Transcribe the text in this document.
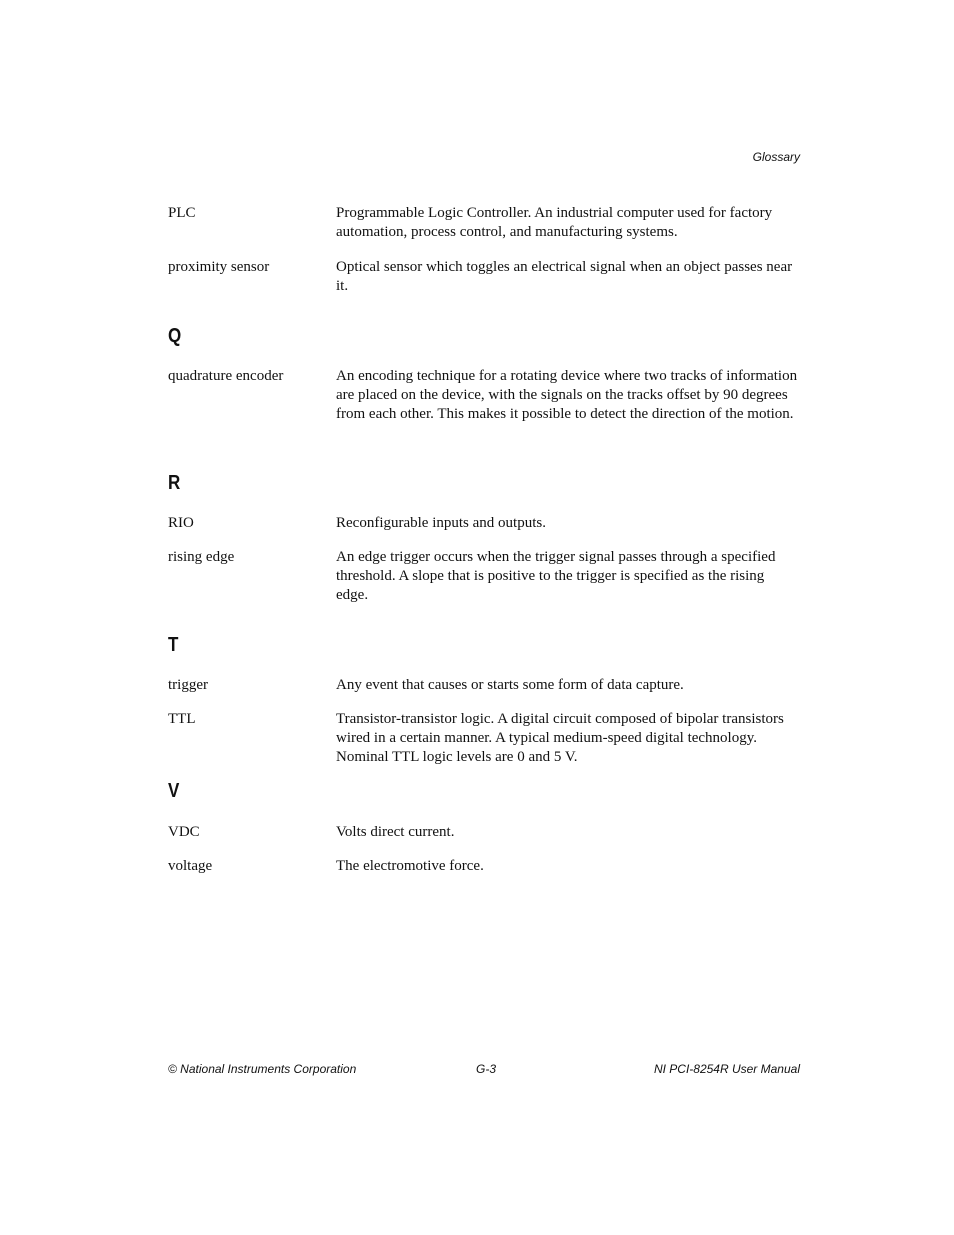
Glossary
PLC	Programmable Logic Controller. An industrial computer used for factory automation, process control, and manufacturing systems.
proximity sensor	Optical sensor which toggles an electrical signal when an object passes near it.
Q
quadrature encoder	An encoding technique for a rotating device where two tracks of information are placed on the device, with the signals on the tracks offset by 90 degrees from each other. This makes it possible to detect the direction of the motion.
R
RIO	Reconfigurable inputs and outputs.
rising edge	An edge trigger occurs when the trigger signal passes through a specified threshold. A slope that is positive to the trigger is specified as the rising edge.
T
trigger	Any event that causes or starts some form of data capture.
TTL	Transistor-transistor logic. A digital circuit composed of bipolar transistors wired in a certain manner. A typical medium-speed digital technology. Nominal TTL logic levels are 0 and 5 V.
V
VDC	Volts direct current.
voltage	The electromotive force.
© National Instruments Corporation	G-3	NI PCI-8254R User Manual
